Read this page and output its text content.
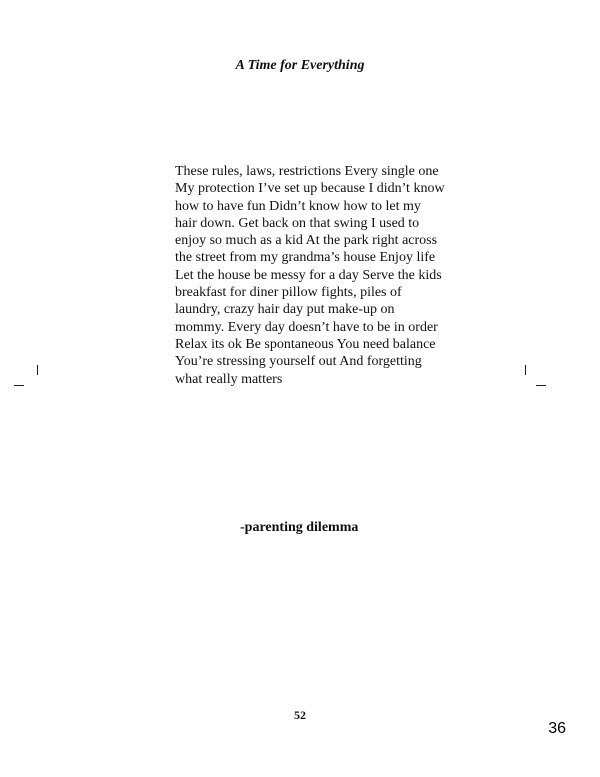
A Time for Everything
These rules, laws, restrictions Every single one
My protection I’ve set up because I didn’t know
how to have fun Didn’t know how to let my
hair down. Get back on that swing I used to
enjoy so much as a kid At the park right across
the street from my grandma’s house Enjoy life
Let the house be messy for a day Serve the kids
breakfast for diner pillow fights, piles of
laundry, crazy hair day put make-up on
mommy. Every day doesn’t have to be in order
Relax its ok Be spontaneous You need balance
You’re stressing yourself out And forgetting
what really matters
-parenting dilemma
52
36
